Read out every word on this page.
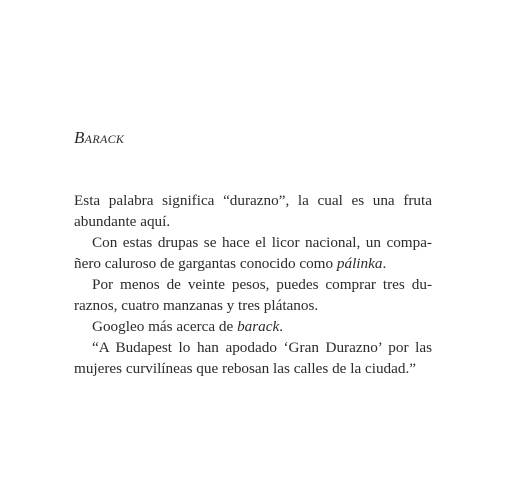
Barack
Esta palabra significa “durazno”, la cual es una fruta
abundante aquí.
Con estas drupas se hace el licor nacional, un compa-
ñero caluroso de gargantas conocido como pálinka.
Por menos de veinte pesos, puedes comprar tres du-
raznos, cuatro manzanas y tres plátanos.
Googleo más acerca de barack.
“A Budapest lo han apodado ‘Gran Durazno’ por las
mujeres curvilíneas que rebosan las calles de la ciudad.”
